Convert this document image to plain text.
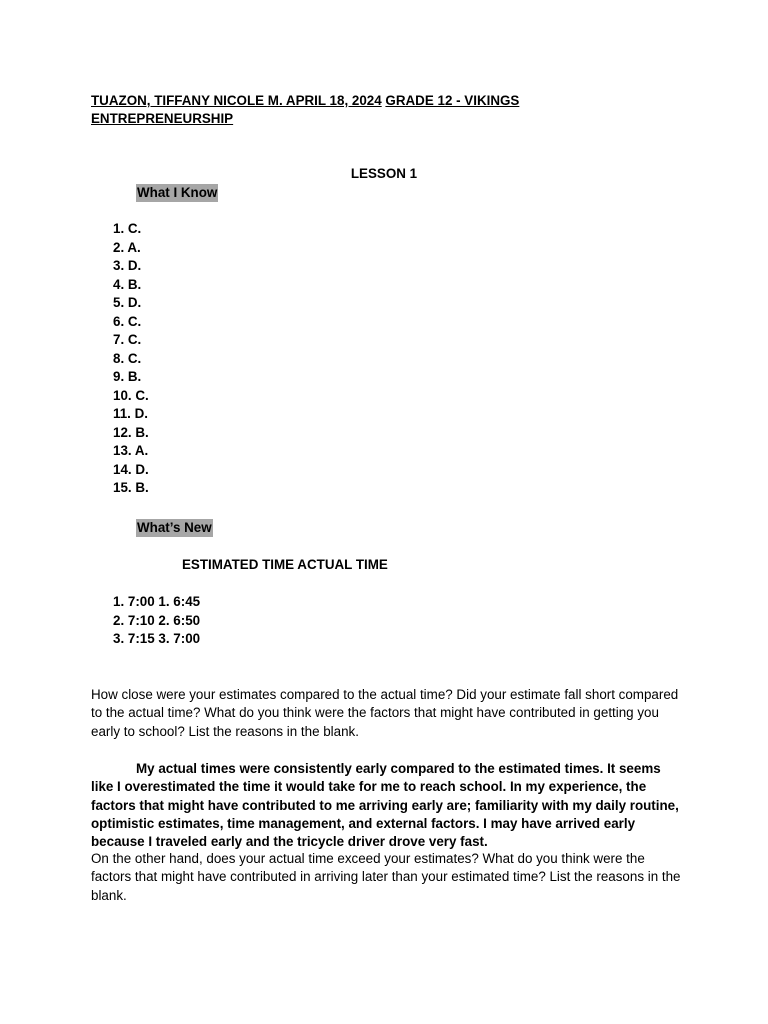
TUAZON, TIFFANY NICOLE M. APRIL 18, 2024 GRADE 12 - VIKINGS
ENTREPRENEURSHIP
LESSON 1
What I Know
1. C.
2. A.
3. D.
4. B.
5. D.
6. C.
7. C.
8. C.
9. B.
10. C.
11. D.
12. B.
13. A.
14. D.
15. B.
What’s New
ESTIMATED TIME ACTUAL TIME
1. 7:00 1. 6:45
2. 7:10 2. 6:50
3. 7:15 3. 7:00

How close were your estimates compared to the actual time? Did your estimate fall short compared to the actual time? What do you think were the factors that might have contributed in getting you early to school? List the reasons in the blank.

My actual times were consistently early compared to the estimated times. It seems like I overestimated the time it would take for me to reach school. In my experience, the factors that might have contributed to me arriving early are; familiarity with my daily routine, optimistic estimates, time management, and external factors. I may have arrived early because I traveled early and the tricycle driver drove very fast.

On the other hand, does your actual time exceed your estimates? What do you think were the factors that might have contributed in arriving later than your estimated time? List the reasons in the blank.
